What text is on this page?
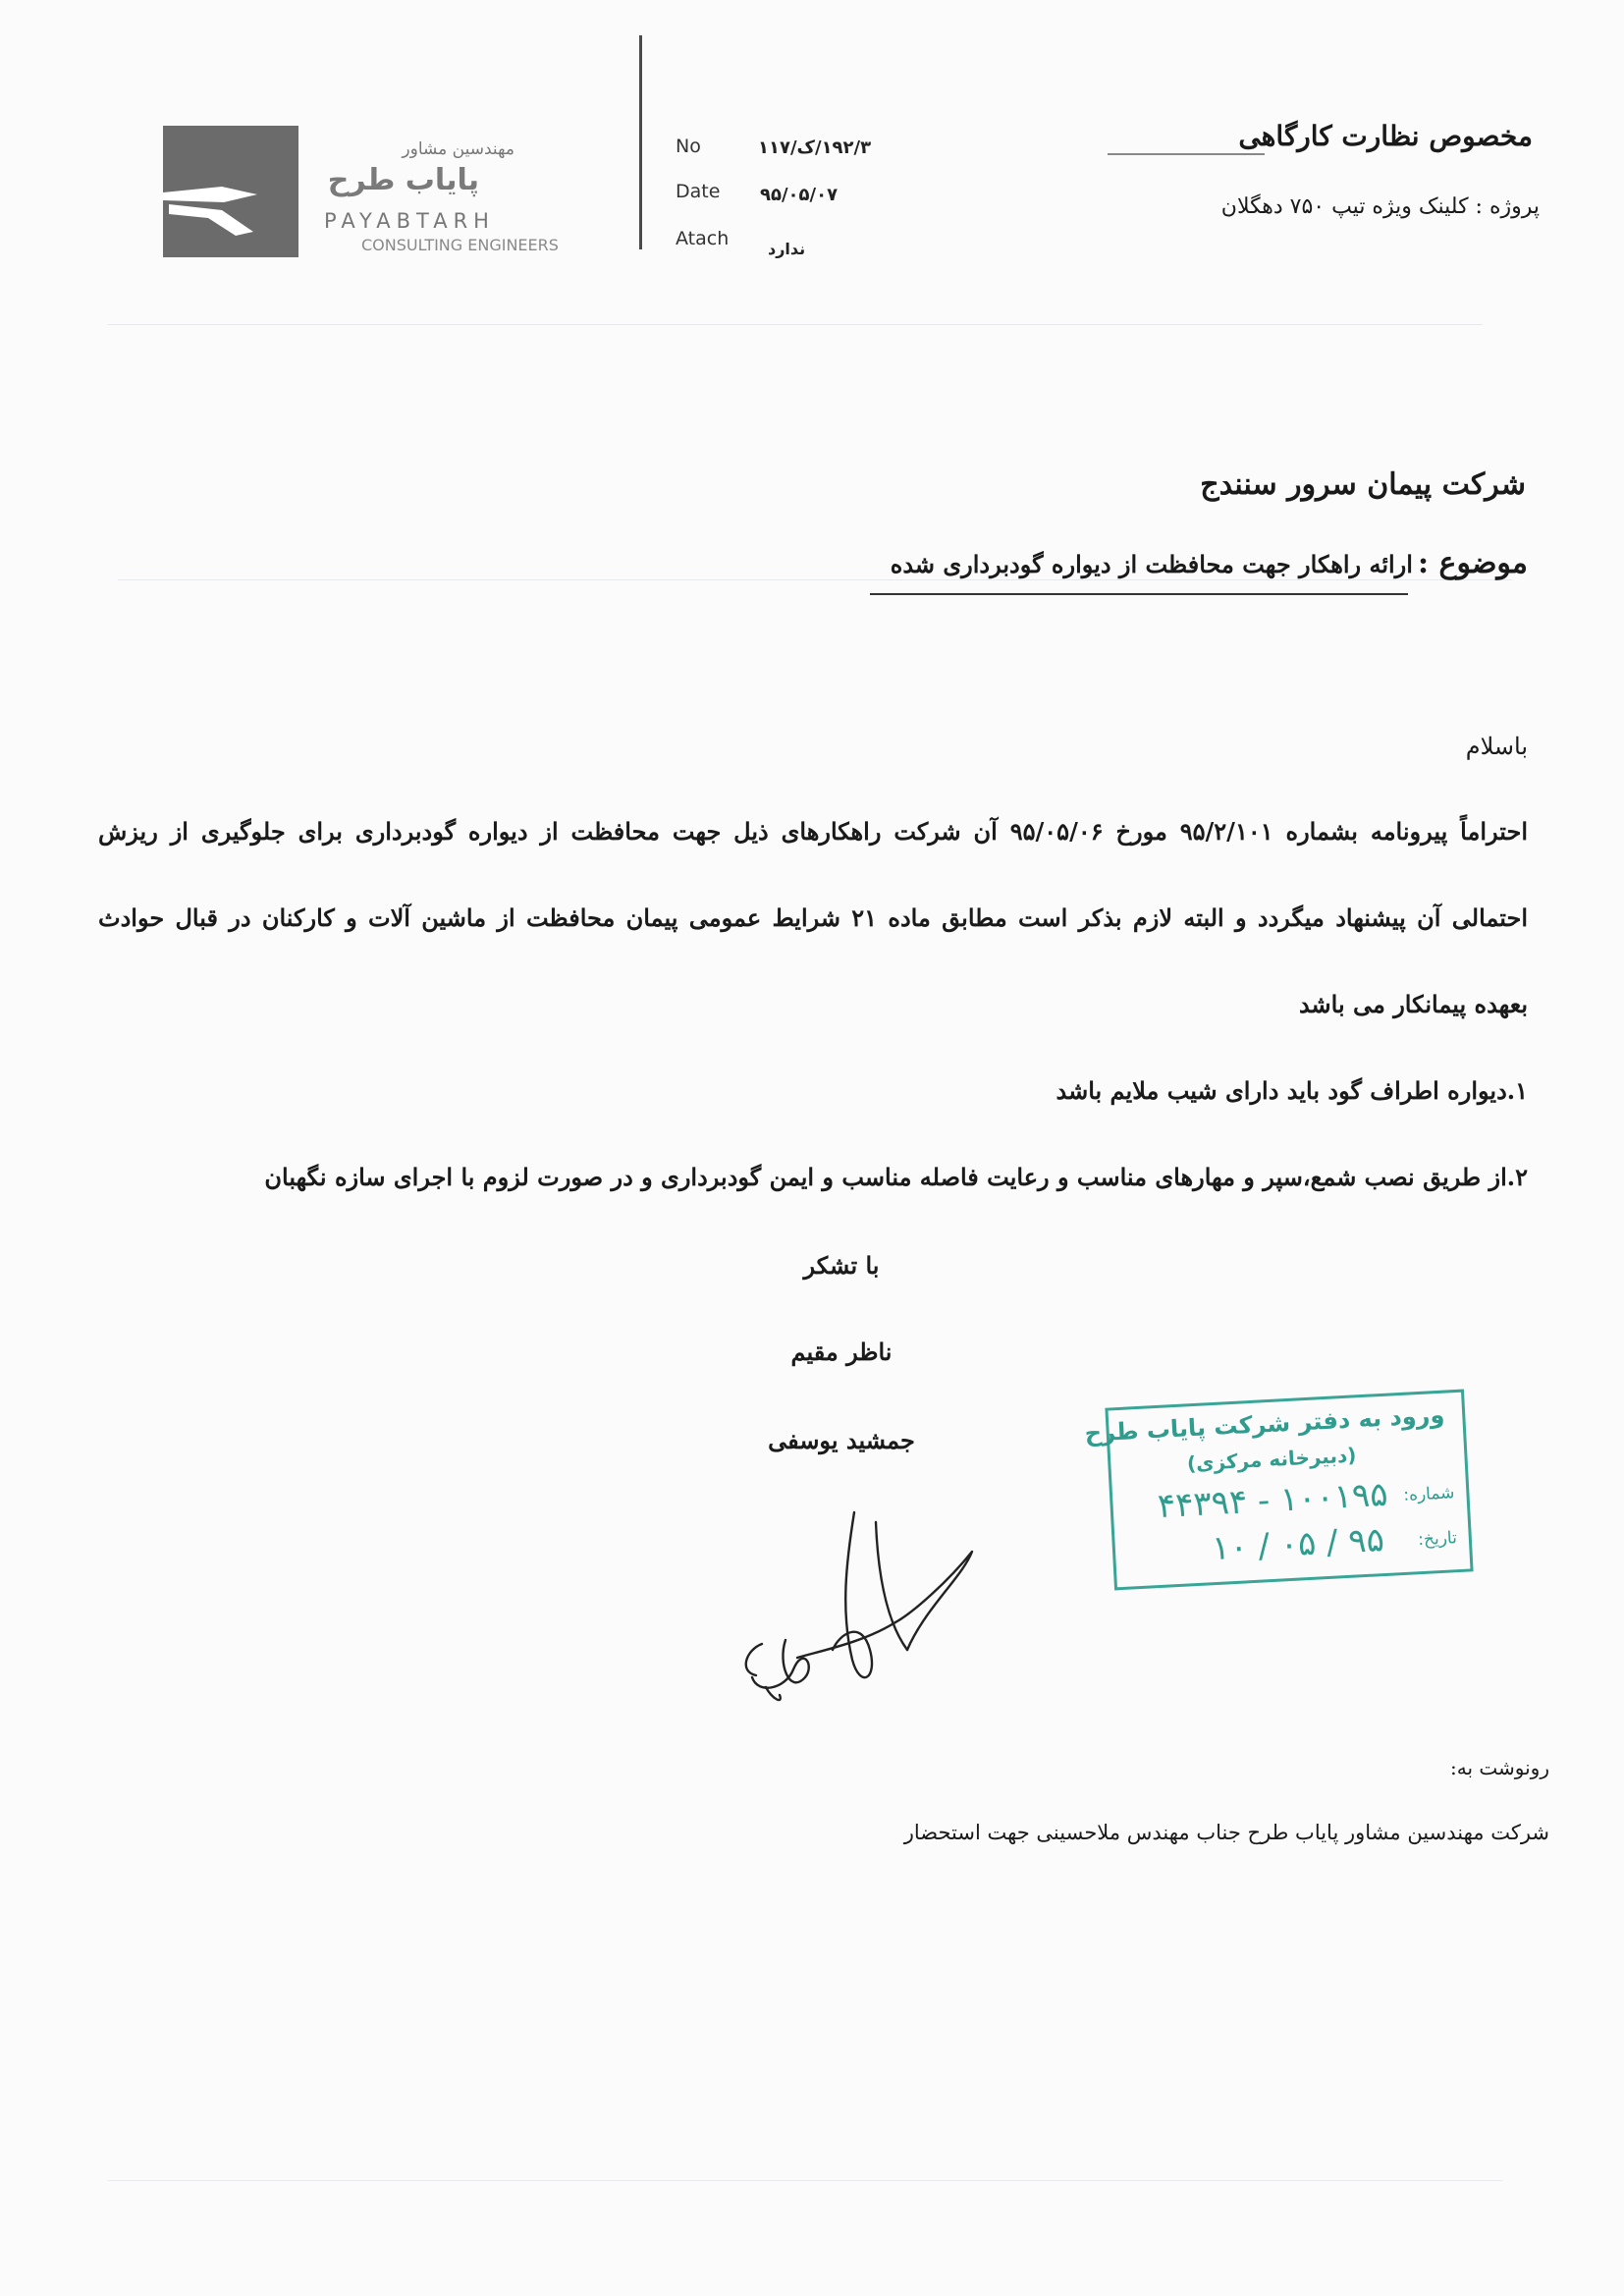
مهندسین مشاور
پایاب طرح
PAYABTARH
CONSULTING ENGINEERS
No	۱۹۲/۳/ک/۱۱۷
Date ۹۵/۰۵/۰۷
Atach ندارد
مخصوص نظارت کارگاهی
پروژه : کلینک ویژه تیپ ۷۵۰ دهگلان
شرکت پیمان سرور سنندج
موضوع : ارائه راهکار جهت محافظت از دیواره گودبرداری شده
باسلام
احتراماً پیرونامه بشماره ۹۵/۲/۱۰۱ مورخ ۹۵/۰۵/۰۶ آن شرکت راهکارهای ذیل جهت محافظت از دیواره گودبرداری برای جلوگیری از ریزش
احتمالی آن پیشنهاد میگردد و البته لازم بذکر است مطابق ماده ۲۱ شرایط عمومی پیمان محافظت از ماشین آلات و کارکنان در قبال حوادث
بعهده پیمانکار می باشد
۱.دیواره اطراف گود باید دارای شیب ملایم باشد
۲.از طریق نصب شمع،سپر و مهارهای مناسب و رعایت فاصله مناسب و ایمن گودبرداری و در صورت لزوم با اجرای سازه نگهبان
با تشکر
ناظر مقیم
جمشید یوسفی	ورود به دفتر شرکت پایاب طرح
(دبیرخانه مرکزی)
شماره:
۱۰۰۱۹۵ - ۴۴۳۹۴
تاریخ:
۹۵ / ۰۵ / ۱۰
رونوشت به:
شرکت مهندسین مشاور پایاب طرح جناب مهندس ملاحسینی جهت استحضار
